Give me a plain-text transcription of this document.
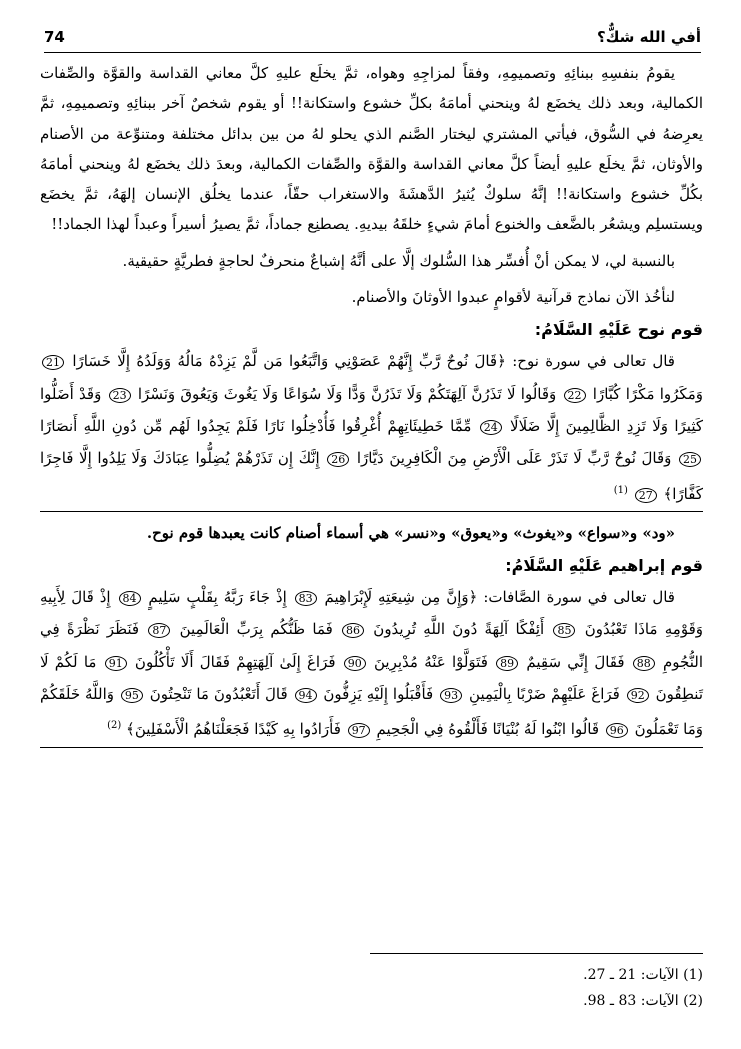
74	أفي الله شكٌّ؟

يقومُ بنفسِهِ ببنائِهِ وتصميمِهِ، وفقاً لمزاجِهِ وهواه، ثمَّ يخلَع عليهِ كلَّ معاني القداسة والقوَّة والصِّفات الكمالية، وبعد ذلك يخضَع لهُ وينحني أمامَهُ بكلِّ خشوع واستكانة!! أو يقوم شخصٌ آخر ببنائِهِ وتصميمِهِ، ثمَّ يعرِضهُ في السُّوق، فيأتي المشتري ليختار الصَّنم الذي يحلو لهُ من بين بدائل مختلفة ومتنوِّعة من الأصنام والأوثان، ثمَّ يخلَع عليهِ أيضاً كلَّ معاني القداسة والقوَّة والصِّفات الكمالية، وبعدَ ذلك يخضَع لهُ وينحني أمامَهُ بكُلِّ خشوع واستكانة!! إنَّهُ سلوكٌ يُثيرُ الدَّهشَةَ والاستغراب حقّاً، عندما يخلُق الإنسان إلهَهُ، ثمَّ يخضَع ويستسلِم ويشعُر بالضَّعف والخنوع أمامَ شيءٍ خلقَهُ بيديهِ. يصطنِع جماداً، ثمَّ يصيرُ أسيراً وعبداً لهذا الجماد!!

بالنسبة لي، لا يمكن أنْ أُفسِّر هذا السُّلوك إلَّا على أنَّهُ إشباعٌ منحرفٌ لحاجةٍ فطريَّةٍ حقيقية.

لنأخُذ الآن نماذج قرآنية لأقوامٍ عبدوا الأوثانَ والأصنام.

قوم نوح عَلَيْهِ السَّلَامُ:

قال تعالى في سورة نوح: ﴿قَالَ نُوحٌ رَّبِّ إِنَّهُمْ عَصَوْنِي وَاتَّبَعُوا مَن لَّمْ يَزِدْهُ مَالُهُ وَوَلَدُهُ إِلَّا خَسَارًا 21 وَمَكَرُوا مَكْرًا كُبَّارًا 22 وَقَالُوا لَا تَذَرُنَّ آلِهَتَكُمْ وَلَا تَذَرُنَّ وَدًّا وَلَا سُوَاعًا وَلَا يَغُوثَ وَيَعُوقَ وَنَسْرًا 23 وَقَدْ أَضَلُّوا كَثِيرًا وَلَا تَزِدِ الظَّالِمِينَ إِلَّا ضَلَالًا 24 مِّمَّا خَطِيئَاتِهِمْ أُغْرِقُوا فَأُدْخِلُوا نَارًا فَلَمْ يَجِدُوا لَهُم مِّن دُونِ اللَّهِ أَنصَارًا 25 وَقَالَ نُوحٌ رَّبِّ لَا تَذَرْ عَلَى الْأَرْضِ مِنَ الْكَافِرِينَ دَيَّارًا 26 إِنَّكَ إِن تَذَرْهُمْ يُضِلُّوا عِبَادَكَ وَلَا يَلِدُوا إِلَّا فَاجِرًا كَفَّارًا﴾ 27 $^{(1)}$

«ود» و«سواع» و«يغوث» و«يعوق» و«نسر» هي أسماء أصنام كانت يعبدها قوم نوح.

قوم إبراهيم عَلَيْهِ السَّلَامُ:

قال تعالى في سورة الصَّافات: ﴿وَإِنَّ مِن شِيعَتِهِ لَإِبْرَاهِيمَ 83 إِذْ جَاءَ رَبَّهُ بِقَلْبٍ سَلِيمٍ 84 إِذْ قَالَ لِأَبِيهِ وَقَوْمِهِ مَاذَا تَعْبُدُونَ 85 أَئِفْكًا آلِهَةً دُونَ اللَّهِ تُرِيدُونَ 86 فَمَا ظَنُّكُم بِرَبِّ الْعَالَمِينَ 87 فَنَظَرَ نَظْرَةً فِي النُّجُومِ 88 فَقَالَ إِنِّي سَقِيمٌ 89 فَتَوَلَّوْا عَنْهُ مُدْبِرِينَ 90 فَرَاغَ إِلَىٰ آلِهَتِهِمْ فَقَالَ أَلَا تَأْكُلُونَ 91 مَا لَكُمْ لَا تَنطِقُونَ 92 فَرَاغَ عَلَيْهِمْ ضَرْبًا بِالْيَمِينِ 93 فَأَقْبَلُوا إِلَيْهِ يَزِفُّونَ 94 قَالَ أَتَعْبُدُونَ مَا تَنْحِتُونَ 95 وَاللَّهُ خَلَقَكُمْ وَمَا تَعْمَلُونَ 96 قَالُوا ابْنُوا لَهُ بُنْيَانًا فَأَلْقُوهُ فِي الْجَحِيمِ 97 فَأَرَادُوا بِهِ كَيْدًا فَجَعَلْنَاهُمُ الْأَسْفَلِينَ﴾ $^{(2)}$

(1) الآيات: 21 ـ 27.
(2) الآيات: 83 ـ 98.
